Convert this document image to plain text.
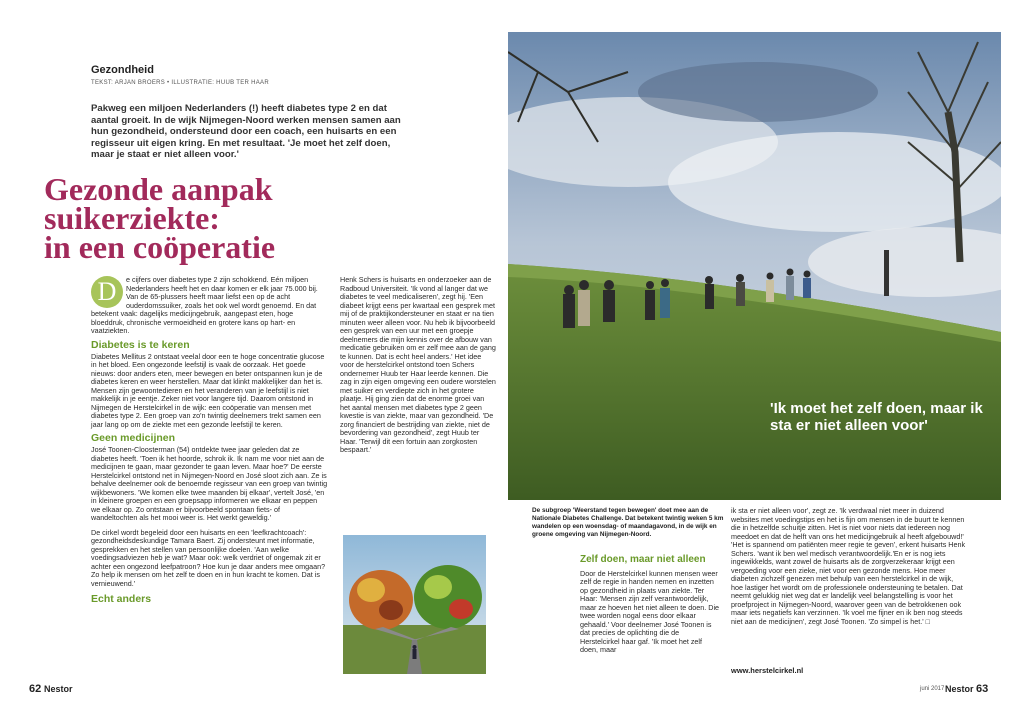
Gezondheid
TEKST: ARJAN BROERS • ILLUSTRATIE: HUUB TER HAAR
Pakweg een miljoen Nederlanders (!) heeft diabetes type 2 en dat aantal groeit. In de wijk Nijmegen-Noord werken mensen samen aan hun gezondheid, ondersteund door een coach, een huisarts en een regisseur uit eigen kring. En met resultaat. 'Je moet het zelf doen, maar je staat er niet alleen voor.'
Gezonde aanpak
suikerziekte:
in een coöperatie
D	e cijfers over diabetes type 2 zijn schokkend. Eén miljoen Nederlanders heeft het en daar komen er elk jaar 75.000 bij. Van de 65-plussers heeft maar liefst een op de acht ouderdomssuiker, zoals het ook wel wordt genoemd. En dat betekent vaak: dagelijks medicijngebruik, aangepast eten, hoge bloeddruk, chronische vermoeidheid en grotere kans op hart- en vaatziekten.

Diabetes is te keren

Diabetes Mellitus 2 ontstaat veelal door een te hoge concentratie glucose in het bloed. Een ongezonde leefstijl is vaak de oorzaak. Het goede nieuws: door anders eten, meer bewegen en beter ontspannen kun je de diabetes keren en weer herstellen. Maar dat klinkt makkelijker dan het is. Mensen zijn gewoontedieren en het veranderen van je leefstijl is niet makkelijk in je eentje. Zeker niet voor langere tijd. Daarom ontstond in Nijmegen de Herstelcirkel in de wijk: een coöperatie van mensen met diabetes type 2. Een groep van zo'n twintig deelnemers trekt samen een jaar lang op om de ziekte met een gezonde leefstijl te keren.

Geen medicijnen

José Toonen-Cloosterman (54) ontdekte twee jaar geleden dat ze diabetes heeft. 'Toen ik het hoorde, schrok ik. Ik nam me voor niet aan de medicijnen te gaan, maar gezonder te gaan leven. Maar hoe?' De eerste Herstelcirkel ontstond net in Nijmegen-Noord en José sloot zich aan. Ze is behalve deelnemer ook de benoemde regisseur van een groep van twintig wijkbewoners. 'We komen elke twee maanden bij elkaar', vertelt José, 'en in kleinere groepen en een groepsapp informeren we elkaar en peppen we elkaar op. Zo ontstaan er bijvoorbeeld spontaan fiets- of wandeltochten als het mooi weer is. Het werkt geweldig.'

De cirkel wordt begeleid door een huisarts en een 'leefkrachtcoach': gezondheidsdeskundige Tamara Baert. Zij ondersteunt met informatie, gesprekken en het stellen van persoonlijke doelen. 'Aan welke voedingsadviezen heb je wat? Maar ook: welk verdriet of ongemak zit er achter een ongezond leefpatroon? Hoe kun je daar anders mee omgaan? Zo help ik mensen om het zelf te doen en in hun kracht te komen. Dat is vernieuwend.'

Echt anders

Henk Schers is huisarts en onderzoeker aan de Radboud Universiteit. 'Ik vond al langer dat we diabetes te veel medicaliseren', zegt hij. 'Een diabeet krijgt eens per kwartaal een gesprek met mij of de praktijkondersteuner en staat er na tien minuten weer alleen voor. Nu heb ik bijvoorbeeld een gesprek van een uur met een groepje deelnemers die mijn kennis over de afbouw van medicatie gebruiken om er zelf mee aan de gang te kunnen. Dat is echt heel anders.' Het idee voor de herstelcirkel ontstond toen Schers ondernemer Huub ter Haar leerde kennen. Die zag in zijn eigen omgeving een oudere worstelen met suiker en verdiepte zich in het grotere plaatje. Hij ging zien dat de enorme groei van het aantal mensen met diabetes type 2 geen kwestie is van ziekte, maar van gezondheid. 'De zorg financiert de bestrijding van ziekte, niet de bevordering van gezondheid', zegt Huub ter Haar. 'Terwijl dit een fortuin aan zorgkosten bespaart.'

62 Nestor
'Ik moet het zelf doen, maar ik sta er niet alleen voor'
De subgroep 'Weerstand tegen bewegen' doet mee aan de Nationale Diabetes Challenge. Dat betekent twintig weken 5 km wandelen op een woensdag- of maandagavond, in de wijk en groene omgeving van Nijmegen-Noord.
Zelf doen, maar niet alleen

Door de Herstelcirkel kunnen mensen weer zelf de regie in handen nemen en inzetten op gezondheid in plaats van ziekte. Ter Haar: 'Mensen zijn zelf verantwoordelijk, maar ze hoeven het niet alleen te doen. Die twee worden nogal eens door elkaar gehaald.' Voor deelnemer José Toonen is dat precies de oplichting die de Herstelcirkel haar gaf. 'Ik moet het zelf doen, maar

ik sta er niet alleen voor', zegt ze. 'Ik verdwaal niet meer in duizend websites met voedingstips en het is fijn om mensen in de buurt te kennen die in hetzelfde schuitje zitten. Het is niet voor niets dat iedereen nog meedoet en dat de helft van ons het medicijngebruik al heeft afgebouwd!' 'Het is spannend om patiënten meer regie te geven', erkent huisarts Henk Schers. 'want ik ben wel medisch verantwoordelijk.'En er is nog iets ingewikkelds, want zowel de huisarts als de zorgverzekeraar krijgt een vergoeding voor een zieke, niet voor een gezonde mens. Hoe meer diabeten zichzelf genezen met behulp van een herstelcirkel in de wijk, hoe lastiger het wordt om de professionele ondersteuning te betalen. Dat neemt gelukkig niet weg dat er landelijk veel belangstelling is voor het proefproject in Nijmegen-Noord, waarover geen van de betrokkenen ook maar iets negatiefs kan verzinnen. 'Ik voel me fijner en ik ben nog steeds niet aan de medicijnen', zegt José Toonen. 'Zo simpel is het.' □

www.herstelcirkel.nl
juni 2017 Nestor 63
